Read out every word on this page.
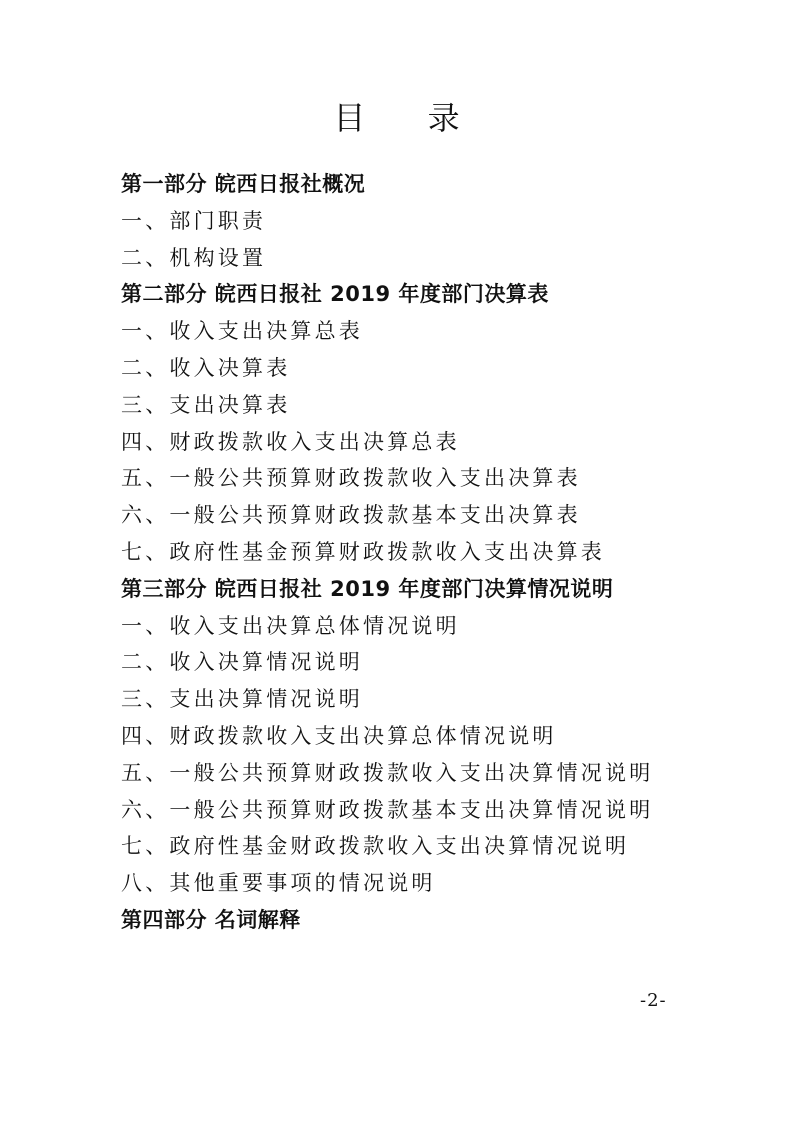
目 录
第一部分 皖西日报社概况
一、部门职责
二、机构设置
第二部分 皖西日报社 2019 年度部门决算表
一、收入支出决算总表
二、收入决算表
三、支出决算表
四、财政拨款收入支出决算总表
五、一般公共预算财政拨款收入支出决算表
六、一般公共预算财政拨款基本支出决算表
七、政府性基金预算财政拨款收入支出决算表
第三部分 皖西日报社 2019 年度部门决算情况说明
一、收入支出决算总体情况说明
二、收入决算情况说明
三、支出决算情况说明
四、财政拨款收入支出决算总体情况说明
五、一般公共预算财政拨款收入支出决算情况说明
六、一般公共预算财政拨款基本支出决算情况说明
七、政府性基金财政拨款收入支出决算情况说明
八、其他重要事项的情况说明
第四部分 名词解释
-2-
